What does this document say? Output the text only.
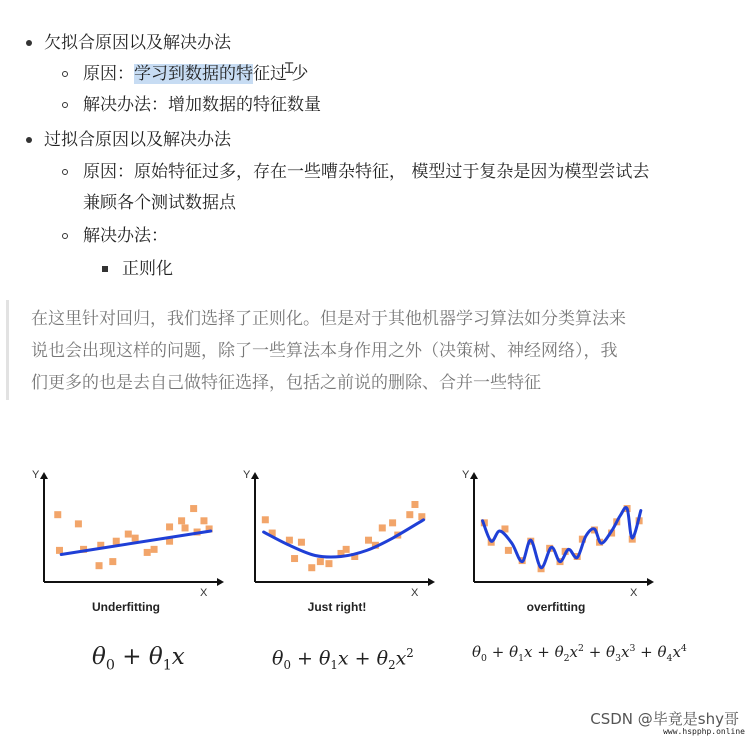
欠拟合原因以及解决办法
原因：学习到数据的特征过Ɪ少
解决办法：增加数据的特征数量
过拟合原因以及解决办法
原因：原始特征过多，存在一些嘈杂特征， 模型过于复杂是因为模型尝试去
兼顾各个测试数据点
解决办法：
正则化
在这里针对回归，我们选择了正则化。但是对于其他机器学习算法如分类算法来
说也会出现这样的问题，除了一些算法本身作用之外（决策树、神经网络），我
们更多的也是去自己做特征选择，包括之前说的删除、合并一些特征
Y
X
Underfitting
Y
X
Just right!
Y
X
overfitting
$\theta_0 + \theta_1x$	$\theta_0 + \theta_1x + \theta_2x^2$	$\theta_0 + \theta_1x + \theta_2x^2 + \theta_3x^3 + \theta_4x^4$
CSDN @毕竟是shy哥
www.hspphp.online
